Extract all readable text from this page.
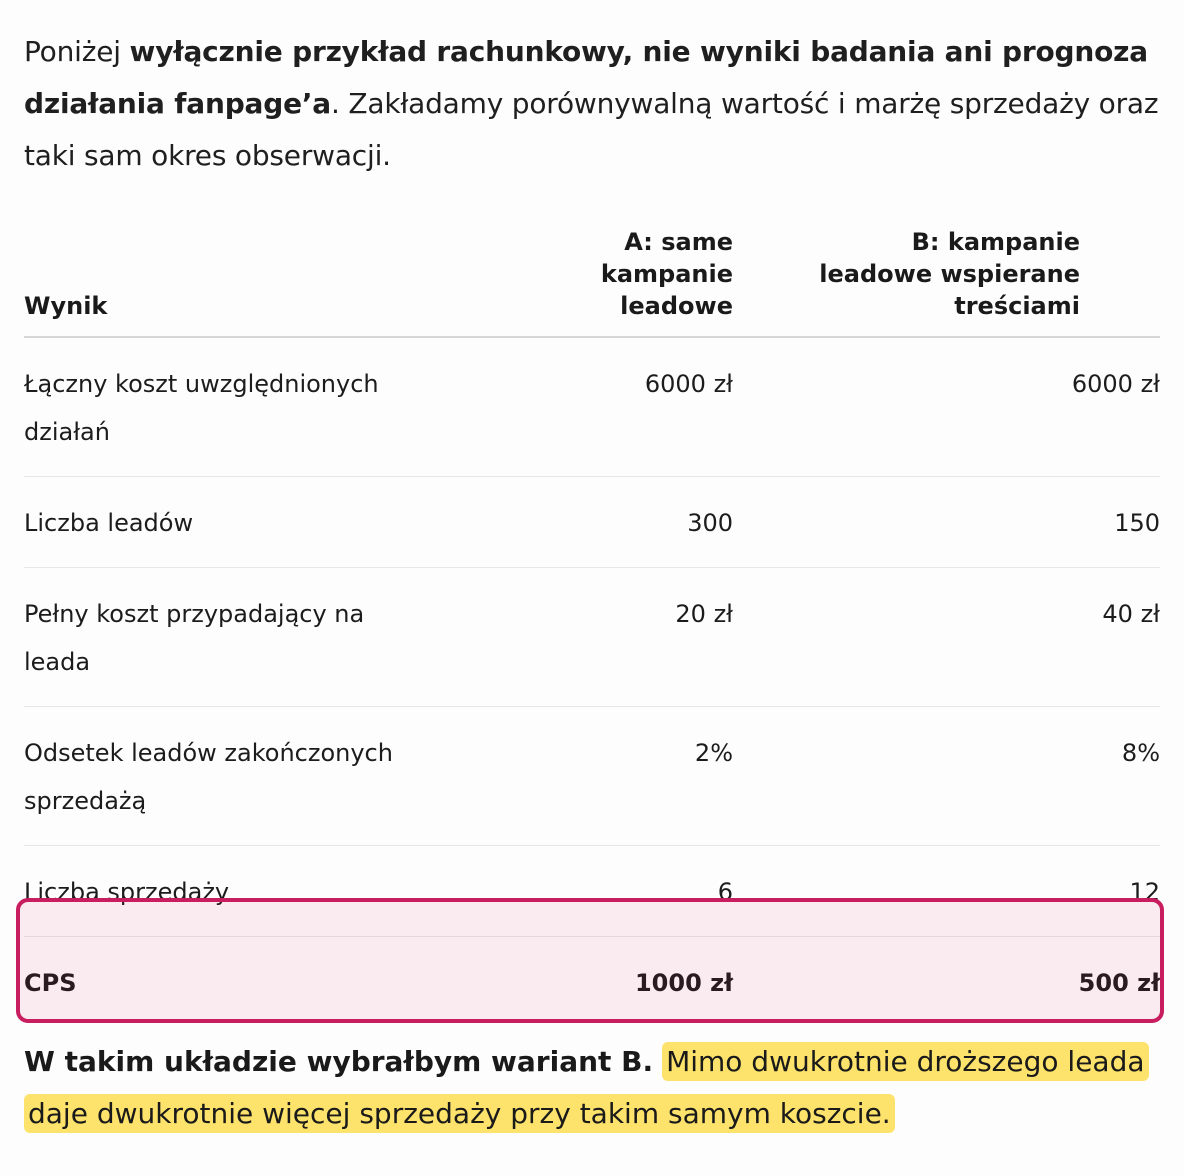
Poniżej wyłącznie przykład rachunkowy, nie wyniki badania ani prognoza działania fanpage’a. Zakładamy porównywalną wartość i marżę sprzedaży oraz taki sam okres obserwacji.

Wynik	A: same kampanie leadowe	B: kampanie leadowe wspierane treściami
Łączny koszt uwzględnionych działań	6000 zł	6000 zł
Liczba leadów	300	150
Pełny koszt przypadający na leada	20 zł	40 zł
Odsetek leadów zakończonych sprzedażą	2%	8%
Liczba sprzedaży	6	12
CPS	1000 zł	500 zł

W takim układzie wybrałbym wariant B. Mimo dwukrotnie droższego leada daje dwukrotnie więcej sprzedaży przy takim samym koszcie.
